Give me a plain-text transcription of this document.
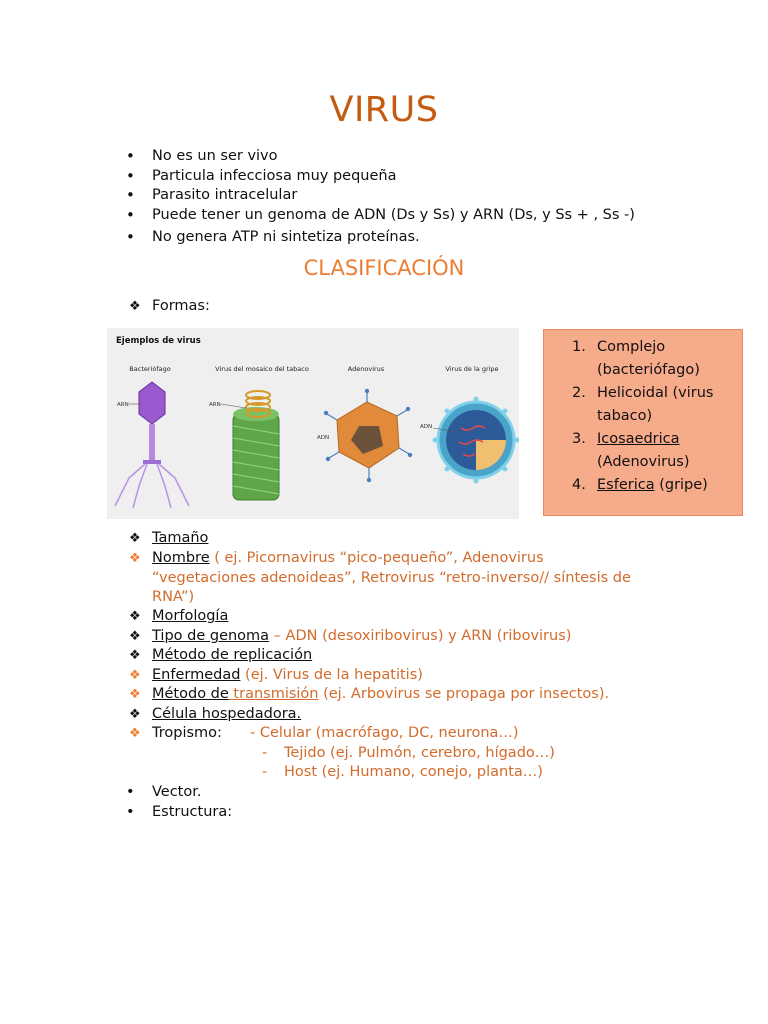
VIRUS
• No es un ser vivo
• Particula infecciosa muy pequeña
• Parasito intracelular
• Puede tener un genoma de ADN (Ds y Ss) y ARN (Ds, y Ss + , Ss -)
• No genera ATP ni sintetiza proteínas.
CLASIFICACIÓN
❖ Formas:
Ejemplos de virus
Bacteriófago	Virus del mosaico del tabaco	Adenovirus	Virus de la gripe
ARN	ARN
ADN
ADN
1. Complejo
(bacteriófago)
2. Helicoidal (virus
tabaco)
3. Icosaedrica
(Adenovirus)
4. Esferica (gripe)
❖ Tamaño
❖ Nombre ( ej. Picornavirus “pico-pequeño”, Adenovirus
“vegetaciones adenoideas”, Retrovirus “retro-inverso// síntesis de
RNA”)
❖ Morfología
❖ Tipo de genoma – ADN (desoxiribovirus) y ARN (ribovirus)
❖ Método de replicación
❖ Enfermedad (ej. Virus de la hepatitis)
❖ Método de transmisión (ej. Arbovirus se propaga por insectos).
❖ Célula hospedadora.
❖ Tropismo: - Celular (macrófago, DC, neurona…)
- Tejido (ej. Pulmón, cerebro, hígado…)
- Host (ej. Humano, conejo, planta…)
• Vector.
• Estructura:
